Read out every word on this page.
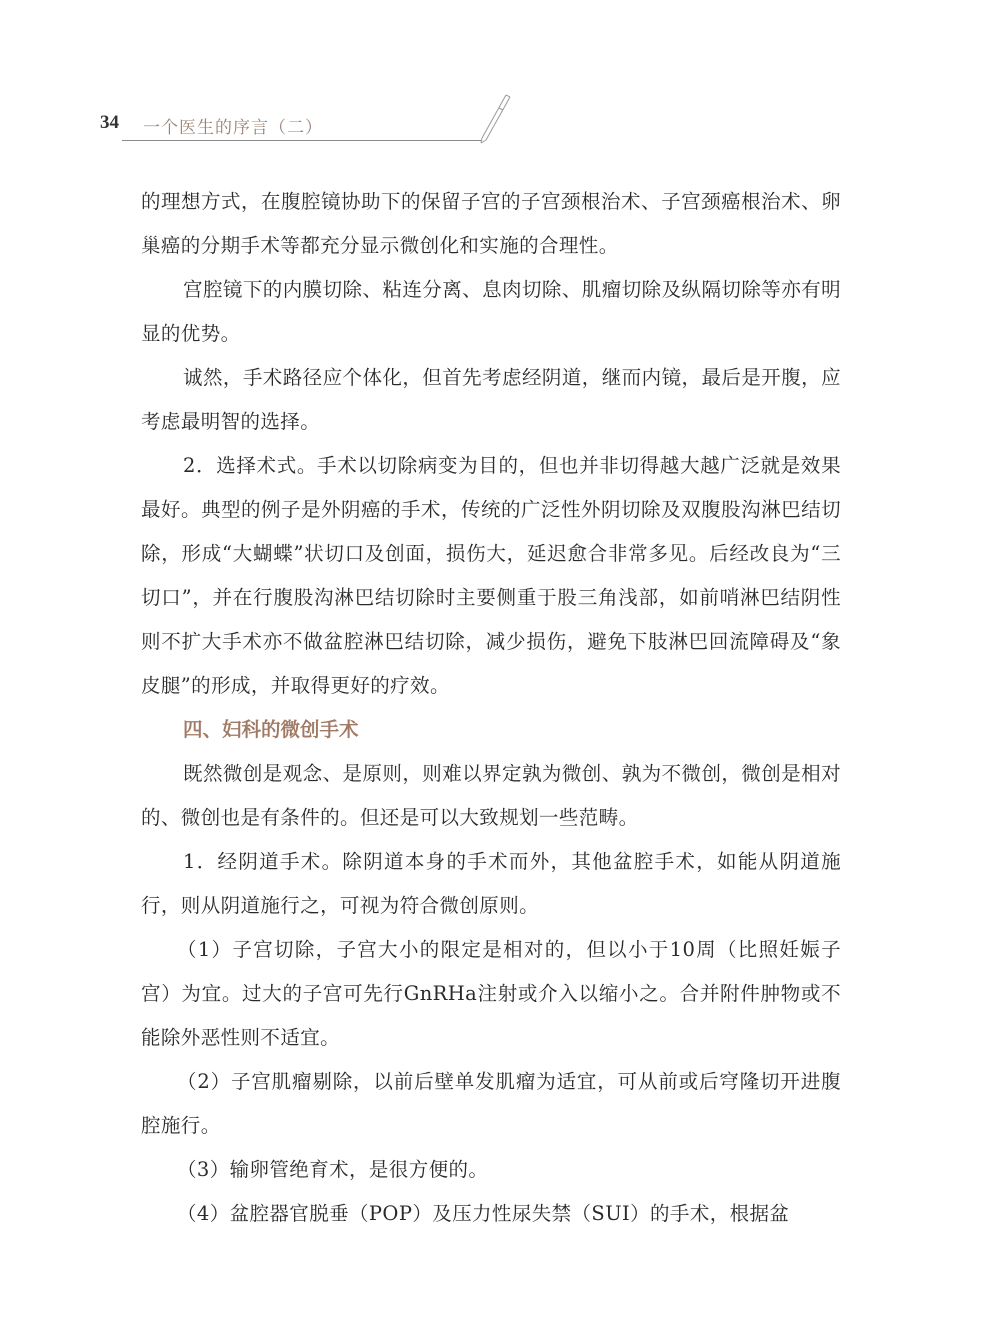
34 一个医生的序言（二）

的理想方式，在腹腔镜协助下的保留子宫的子宫颈根治术、子宫颈癌根治术、卵巢癌的分期手术等都充分显示微创化和实施的合理性。

宫腔镜下的内膜切除、粘连分离、息肉切除、肌瘤切除及纵隔切除等亦有明显的优势。

诚然，手术路径应个体化，但首先考虑经阴道，继而内镜，最后是开腹，应考虑最明智的选择。

2．选择术式。手术以切除病变为目的，但也并非切得越大越广泛就是效果最好。典型的例子是外阴癌的手术，传统的广泛性外阴切除及双腹股沟淋巴结切除，形成“大蝴蝶”状切口及创面，损伤大，延迟愈合非常多见。后经改良为“三切口”，并在行腹股沟淋巴结切除时主要侧重于股三角浅部，如前哨淋巴结阴性则不扩大手术亦不做盆腔淋巴结切除，减少损伤，避免下肢淋巴回流障碍及“象皮腿”的形成，并取得更好的疗效。

四、妇科的微创手术

既然微创是观念、是原则，则难以界定孰为微创、孰为不微创，微创是相对的、微创也是有条件的。但还是可以大致规划一些范畴。

1．经阴道手术。除阴道本身的手术而外，其他盆腔手术，如能从阴道施行，则从阴道施行之，可视为符合微创原则。

（1）子宫切除，子宫大小的限定是相对的，但以小于10周（比照妊娠子宫）为宜。过大的子宫可先行GnRHa注射或介入以缩小之。合并附件肿物或不能除外恶性则不适宜。

（2）子宫肌瘤剔除，以前后壁单发肌瘤为适宜，可从前或后穹隆切开进腹腔施行。

（3）输卵管绝育术，是很方便的。

（4）盆腔器官脱垂（POP）及压力性尿失禁（SUI）的手术，根据盆
